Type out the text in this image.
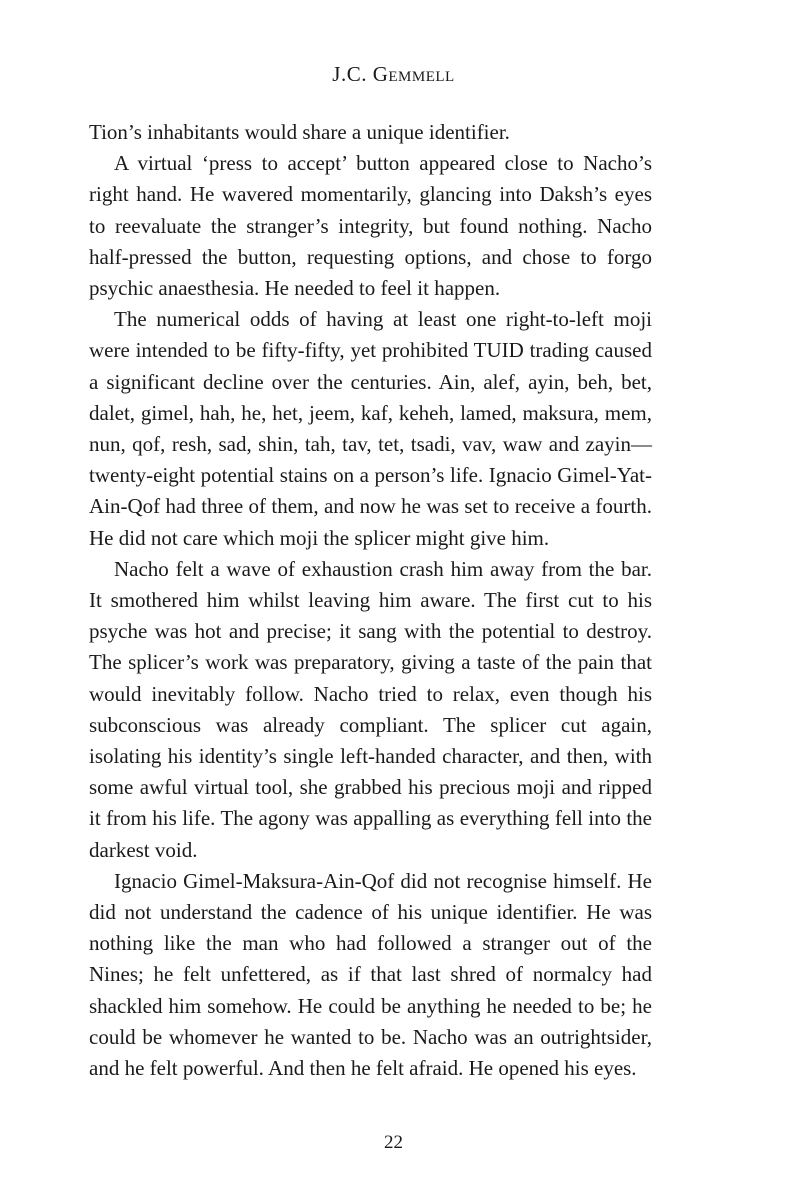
J.C. Gemmell

Tion’s inhabitants would share a unique identifier.

A virtual ‘press to accept’ button appeared close to Nacho’s right hand. He wavered momentarily, glancing into Daksh’s eyes to reevaluate the stranger’s integrity, but found nothing. Nacho half-pressed the button, requesting options, and chose to forgo psychic anaesthesia. He needed to feel it happen.

The numerical odds of having at least one right-to-left moji were intended to be fifty-fifty, yet prohibited TUID trading caused a significant decline over the centuries. Ain, alef, ayin, beh, bet, dalet, gimel, hah, he, het, jeem, kaf, keheh, lamed, maksura, mem, nun, qof, resh, sad, shin, tah, tav, tet, tsadi, vav, waw and zayin—twenty-eight potential stains on a person’s life. Ignacio Gimel-Yat-Ain-Qof had three of them, and now he was set to receive a fourth. He did not care which moji the splicer might give him.

Nacho felt a wave of exhaustion crash him away from the bar. It smothered him whilst leaving him aware. The first cut to his psyche was hot and precise; it sang with the potential to destroy. The splicer’s work was preparatory, giving a taste of the pain that would inevitably follow. Nacho tried to relax, even though his subconscious was already compliant. The splicer cut again, isolating his identity’s single left-handed character, and then, with some awful virtual tool, she grabbed his precious moji and ripped it from his life. The agony was appalling as everything fell into the darkest void.

Ignacio Gimel-Maksura-Ain-Qof did not recognise himself. He did not understand the cadence of his unique identifier. He was nothing like the man who had followed a stranger out of the Nines; he felt unfettered, as if that last shred of normalcy had shackled him somehow. He could be anything he needed to be; he could be whomever he wanted to be. Nacho was an outrightsider, and he felt powerful. And then he felt afraid. He opened his eyes.

22
